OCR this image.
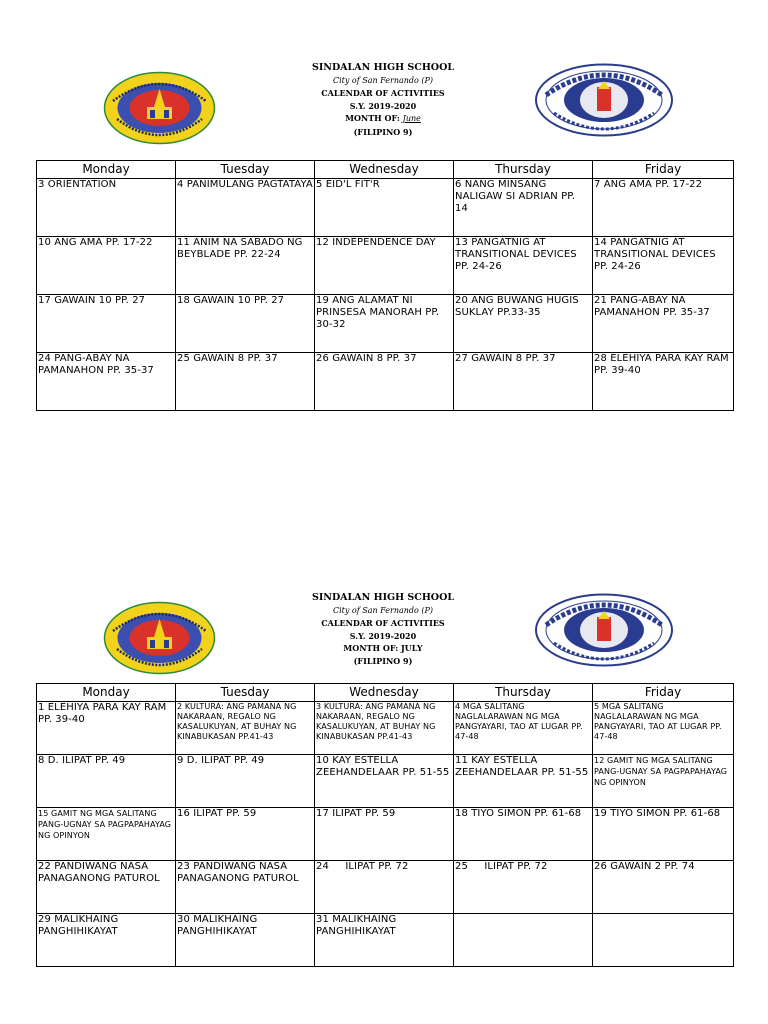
SINDALAN HIGH SCHOOL
City of San Fernando (P)
CALENDAR OF ACTIVITIES
S.Y. 2019-2020
MONTH OF: June
(FILIPINO 9)
Monday	Tuesday	Wednesday	Thursday	Friday
3 ORIENTATION	4 PANIMULANG PAGTATAYA	5 EID'L FIT'R	6 NANG MINSANG NALIGAW SI ADRIAN PP. 14	7 ANG AMA PP. 17-22
10 ANG AMA PP. 17-22	11 ANIM NA SABADO NG BEYBLADE PP. 22-24	12 INDEPENDENCE DAY	13 PANGATNIG AT TRANSITIONAL DEVICES PP. 24-26	14 PANGATNIG AT TRANSITIONAL DEVICES PP. 24-26
17 GAWAIN 10 PP. 27	18 GAWAIN 10 PP. 27	19 ANG ALAMAT NI PRINSESA MANORAH PP. 30-32	20 ANG BUWANG HUGIS SUKLAY PP.33-35	21 PANG-ABAY NA PAMANAHON PP. 35-37
24 PANG-ABAY NA PAMANAHON PP. 35-37	25 GAWAIN 8 PP. 37	26 GAWAIN 8 PP. 37	27 GAWAIN 8 PP. 37	28 ELEHIYA PARA KAY RAM PP. 39-40
SINDALAN HIGH SCHOOL
City of San Fernando (P)
CALENDAR OF ACTIVITIES
S.Y. 2019-2020
MONTH OF: JULY
(FILIPINO 9)
Monday	Tuesday	Wednesday	Thursday	Friday
1 ELEHIYA PARA KAY RAM PP. 39-40	2 KULTURA: ANG PAMANA NG NAKARAAN, REGALO NG KASALUKUYAN, AT BUHAY NG KINABUKASAN PP.41-43	3 KULTURA: ANG PAMANA NG NAKARAAN, REGALO NG KASALUKUYAN, AT BUHAY NG KINABUKASAN PP.41-43	4 MGA SALITANG NAGLALARAWAN NG MGA PANGYAYARI, TAO AT LUGAR PP. 47-48	5 MGA SALITANG NAGLALARAWAN NG MGA PANGYAYARI, TAO AT LUGAR PP. 47-48
8 D. ILIPAT PP. 49	9 D. ILIPAT PP. 49	10 KAY ESTELLA ZEEHANDELAAR PP. 51-55	11 KAY ESTELLA ZEEHANDELAAR PP. 51-55	12 GAMIT NG MGA SALITANG PANG-UGNAY SA PAGPAPAHAYAG NG OPINYON
15 GAMIT NG MGA SALITANG PANG-UGNAY SA PAGPAPAHAYAG NG OPINYON	16 ILIPAT PP. 59	17 ILIPAT PP. 59	18 TIYO SIMON PP. 61-68	19 TIYO SIMON PP. 61-68
22 PANDIWANG NASA PANAGANONG PATUROL	23 PANDIWANG NASA PANAGANONG PATUROL	24     ILIPAT PP. 72	25     ILIPAT PP. 72	26 GAWAIN 2 PP. 74
29 MALIKHAING PANGHIHIKAYAT	30 MALIKHAING PANGHIHIKAYAT	31 MALIKHAING PANGHIHIKAYAT		
